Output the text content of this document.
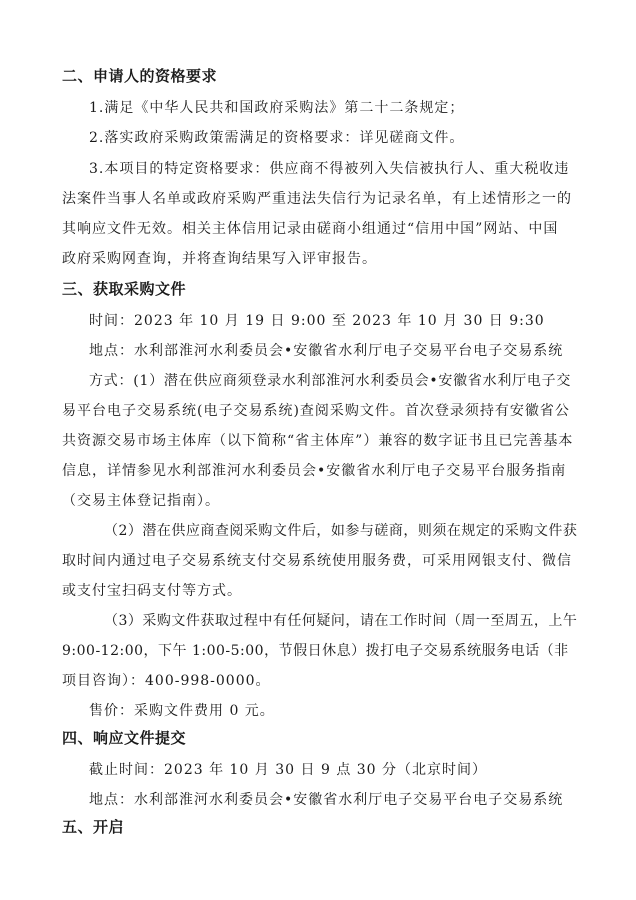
二、申请人的资格要求
1.满足《中华人民共和国政府采购法》第二十二条规定；
2.落实政府采购政策需满足的资格要求：详见磋商文件。
3.本项目的特定资格要求：供应商不得被列入失信被执行人、重大税收违
法案件当事人名单或政府采购严重违法失信行为记录名单，有上述情形之一的
其响应文件无效。相关主体信用记录由磋商小组通过“信用中国”网站、中国
政府采购网查询，并将查询结果写入评审报告。
三、获取采购文件
时间：2023 年 10 月 19 日 9:00 至 2023 年 10 月 30 日 9:30
地点：水利部淮河水利委员会•安徽省水利厅电子交易平台电子交易系统
方式：(1）潜在供应商须登录水利部淮河水利委员会•安徽省水利厅电子交
易平台电子交易系统(电子交易系统)查阅采购文件。首次登录须持有安徽省公
共资源交易市场主体库（以下简称“省主体库”）兼容的数字证书且已完善基本
信息，详情参见水利部淮河水利委员会•安徽省水利厅电子交易平台服务指南
（交易主体登记指南）。
（2）潜在供应商查阅采购文件后，如参与磋商，则须在规定的采购文件获
取时间内通过电子交易系统支付交易系统使用服务费，可采用网银支付、微信
或支付宝扫码支付等方式。
（3）采购文件获取过程中有任何疑问，请在工作时间（周一至周五，上午
9:00-12:00，下午 1:00-5:00，节假日休息）拨打电子交易系统服务电话（非
项目咨询）：400-998-0000。
售价：采购文件费用 0 元。
四、响应文件提交
截止时间：2023 年 10 月 30 日 9 点 30 分（北京时间）
地点：水利部淮河水利委员会•安徽省水利厅电子交易平台电子交易系统
五、开启
